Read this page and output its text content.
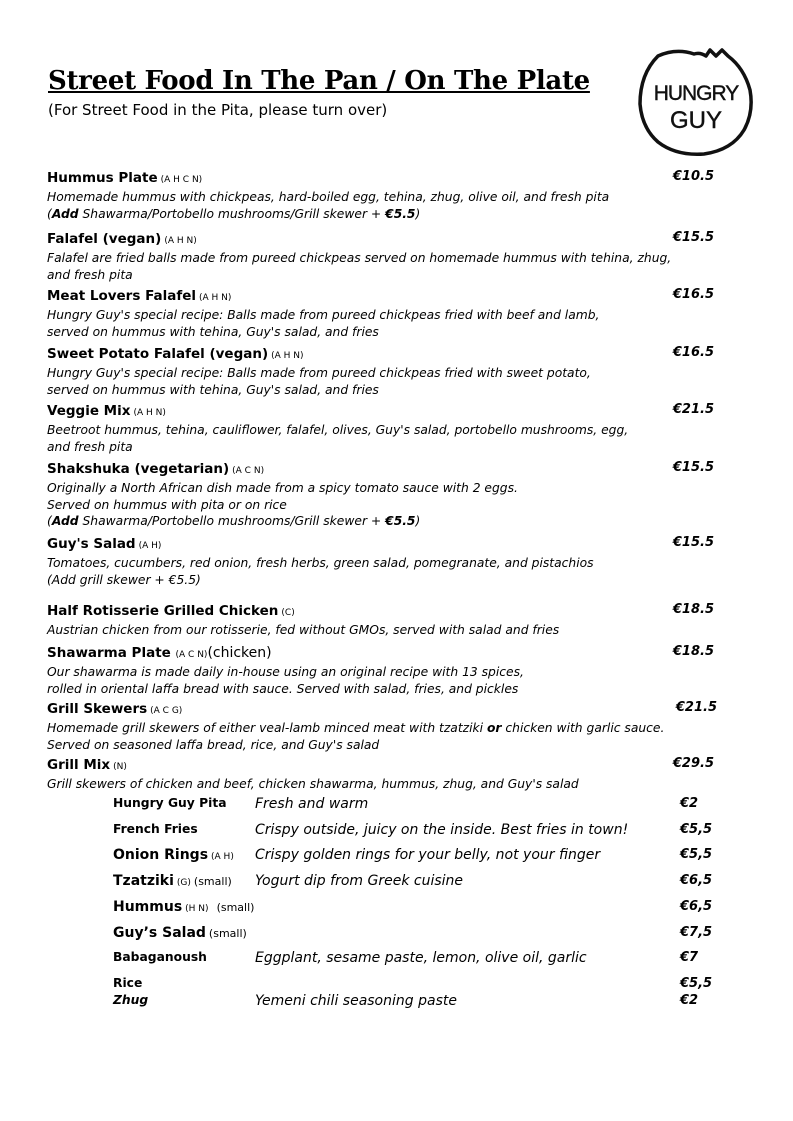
Street Food In The Pan / On The Plate
(For Street Food in the Pita, please turn over)
HUNGRY
GUY
Hummus Plate (A H C N)
Homemade hummus with chickpeas, hard-boiled egg, tehina, zhug, olive oil, and fresh pita
(Add Shawarma/Portobello mushrooms/Grill skewer + €5.5)
€10.5
Falafel (vegan) (A H N)
Falafel are fried balls made from pureed chickpeas served on homemade hummus with tehina, zhug,
and fresh pita
€15.5
Meat Lovers Falafel (A H N)
Hungry Guy's special recipe: Balls made from pureed chickpeas fried with beef and lamb,
served on hummus with tehina, Guy's salad, and fries
€16.5
Sweet Potato Falafel (vegan) (A H N)
Hungry Guy's special recipe: Balls made from pureed chickpeas fried with sweet potato,
served on hummus with tehina, Guy's salad, and fries
€16.5
Veggie Mix (A H N)
Beetroot hummus, tehina, cauliflower, falafel, olives, Guy's salad, portobello mushrooms, egg,
and fresh pita
€21.5
Shakshuka (vegetarian) (A C N)
Originally a North African dish made from a spicy tomato sauce with 2 eggs.
Served on hummus with pita or on rice
(Add Shawarma/Portobello mushrooms/Grill skewer + €5.5)
€15.5
Guy's Salad (A H)
Tomatoes, cucumbers, red onion, fresh herbs, green salad, pomegranate, and pistachios
(Add grill skewer + €5.5)
€15.5
Half Rotisserie Grilled Chicken (C)
Austrian chicken from our rotisserie, fed without GMOs, served with salad and fries
€18.5
Shawarma Plate (A C N)(chicken)
Our shawarma is made daily in-house using an original recipe with 13 spices,
rolled in oriental laffa bread with sauce. Served with salad, fries, and pickles
€18.5
Grill Skewers (A C G)
Homemade grill skewers of either veal-lamb minced meat with tzatziki or chicken with garlic sauce.
Served on seasoned laffa bread, rice, and Guy's salad
€21.5
Grill Mix (N)
Grill skewers of chicken and beef, chicken shawarma, hummus, zhug, and Guy's salad
€29.5
Hungry Guy Pita Fresh and warm	€2
French Fries	Crispy outside, juicy on the inside. Best fries in town!	€5,5
Onion Rings (A H) Crispy golden rings for your belly, not your finger	€5,5
Tzatziki (G) (small) Yogurt dip from Greek cuisine	€6,5
Hummus (H N) (small)	€6,5
Guy’s Salad (small)	€7,5
Babaganoush	Eggplant, sesame paste, lemon, olive oil, garlic	€7
Rice	€5,5
Zhug	Yemeni chili seasoning paste	€2
